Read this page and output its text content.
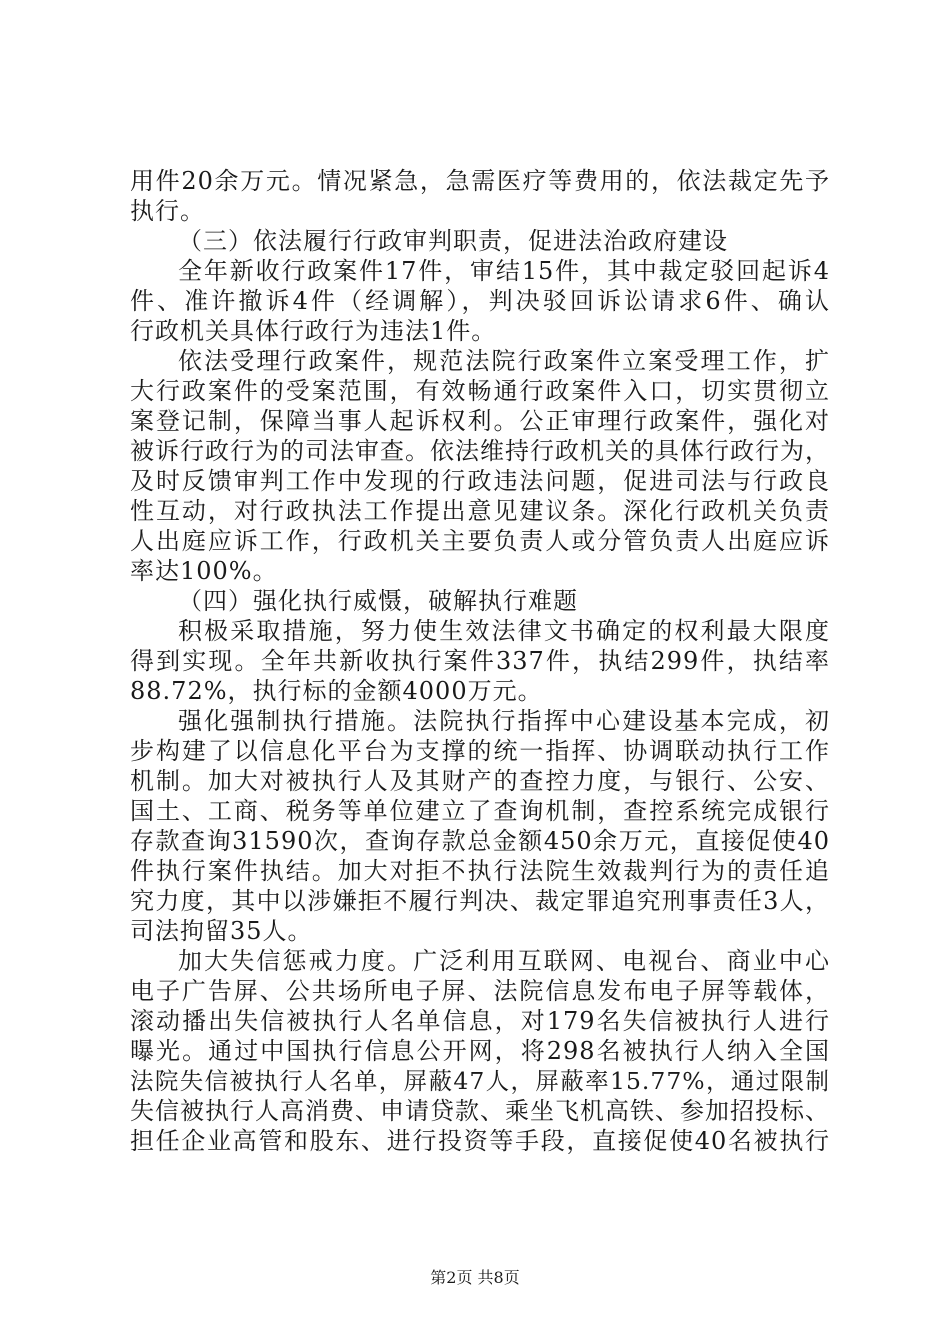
用件20余万元。情况紧急，急需医疗等费用的，依法裁定先予
执行。
（三）依法履行行政审判职责，促进法治政府建设
全年新收行政案件17件，审结15件，其中裁定驳回起诉4
件、准许撤诉4件（经调解），判决驳回诉讼请求6件、确认
行政机关具体行政行为违法1件。
依法受理行政案件，规范法院行政案件立案受理工作，扩
大行政案件的受案范围，有效畅通行政案件入口，切实贯彻立
案登记制，保障当事人起诉权利。公正审理行政案件，强化对
被诉行政行为的司法审查。依法维持行政机关的具体行政行为，
及时反馈审判工作中发现的行政违法问题，促进司法与行政良
性互动，对行政执法工作提出意见建议条。深化行政机关负责
人出庭应诉工作，行政机关主要负责人或分管负责人出庭应诉
率达100%。
（四）强化执行威慑，破解执行难题
积极采取措施，努力使生效法律文书确定的权利最大限度
得到实现。全年共新收执行案件337件，执结299件，执结率
88.72%，执行标的金额4000万元。
强化强制执行措施。法院执行指挥中心建设基本完成，初
步构建了以信息化平台为支撑的统一指挥、协调联动执行工作
机制。加大对被执行人及其财产的查控力度，与银行、公安、
国土、工商、税务等单位建立了查询机制，查控系统完成银行
存款查询31590次，查询存款总金额450余万元，直接促使40
件执行案件执结。加大对拒不执行法院生效裁判行为的责任追
究力度，其中以涉嫌拒不履行判决、裁定罪追究刑事责任3人，
司法拘留35人。
加大失信惩戒力度。广泛利用互联网、电视台、商业中心
电子广告屏、公共场所电子屏、法院信息发布电子屏等载体，
滚动播出失信被执行人名单信息，对179名失信被执行人进行
曝光。通过中国执行信息公开网，将298名被执行人纳入全国
法院失信被执行人名单，屏蔽47人，屏蔽率15.77%，通过限制
失信被执行人高消费、申请贷款、乘坐飞机高铁、参加招投标、
担任企业高管和股东、进行投资等手段，直接促使40名被执行
第2页 共8页
